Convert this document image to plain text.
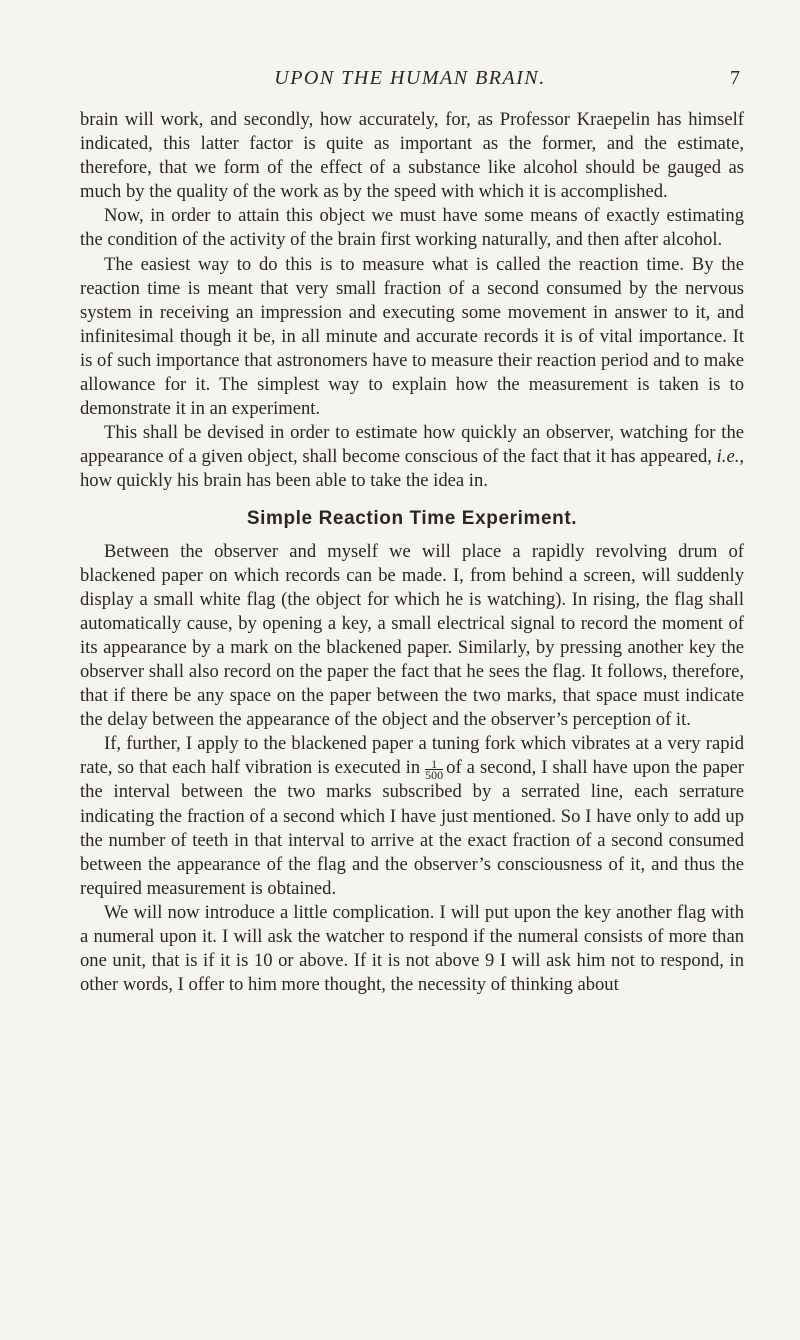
UPON THE HUMAN BRAIN.	7

brain will work, and secondly, how accurately, for, as Professor Kraepelin has himself indicated, this latter factor is quite as important as the former, and the estimate, therefore, that we form of the effect of a substance like alcohol should be gauged as much by the quality of the work as by the speed with which it is accomplished.

Now, in order to attain this object we must have some means of exactly estimating the condition of the activity of the brain first working naturally, and then after alcohol.

The easiest way to do this is to measure what is called the reaction time. By the reaction time is meant that very small fraction of a second consumed by the nervous system in receiving an impression and executing some movement in answer to it, and infinitesimal though it be, in all minute and accurate records it is of vital importance. It is of such importance that astronomers have to measure their reaction period and to make allowance for it. The simplest way to explain how the measurement is taken is to demonstrate it in an experiment.

This shall be devised in order to estimate how quickly an observer, watching for the appearance of a given object, shall become conscious of the fact that it has appeared, i.e., how quickly his brain has been able to take the idea in.

Simple Reaction Time Experiment.

Between the observer and myself we will place a rapidly revolving drum of blackened paper on which records can be made. I, from behind a screen, will suddenly display a small white flag (the object for which he is watching). In rising, the flag shall automatically cause, by opening a key, a small electrical signal to record the moment of its appearance by a mark on the blackened paper. Similarly, by pressing another key the observer shall also record on the paper the fact that he sees the flag. It follows, therefore, that if there be any space on the paper between the two marks, that space must indicate the delay between the appearance of the object and the observer’s perception of it.

If, further, I apply to the blackened paper a tuning fork which vibrates at a very rapid rate, so that each half vibration is executed in $\frac{1}{500}$ of a second, I shall have upon the paper the interval between the two marks subscribed by a serrated line, each serrature indicating the fraction of a second which I have just mentioned. So I have only to add up the number of teeth in that interval to arrive at the exact fraction of a second consumed between the appearance of the flag and the observer’s consciousness of it, and thus the required measurement is obtained.

We will now introduce a little complication. I will put upon the key another flag with a numeral upon it. I will ask the watcher to respond if the numeral consists of more than one unit, that is if it is 10 or above. If it is not above 9 I will ask him not to respond, in other words, I offer to him more thought, the necessity of thinking about
